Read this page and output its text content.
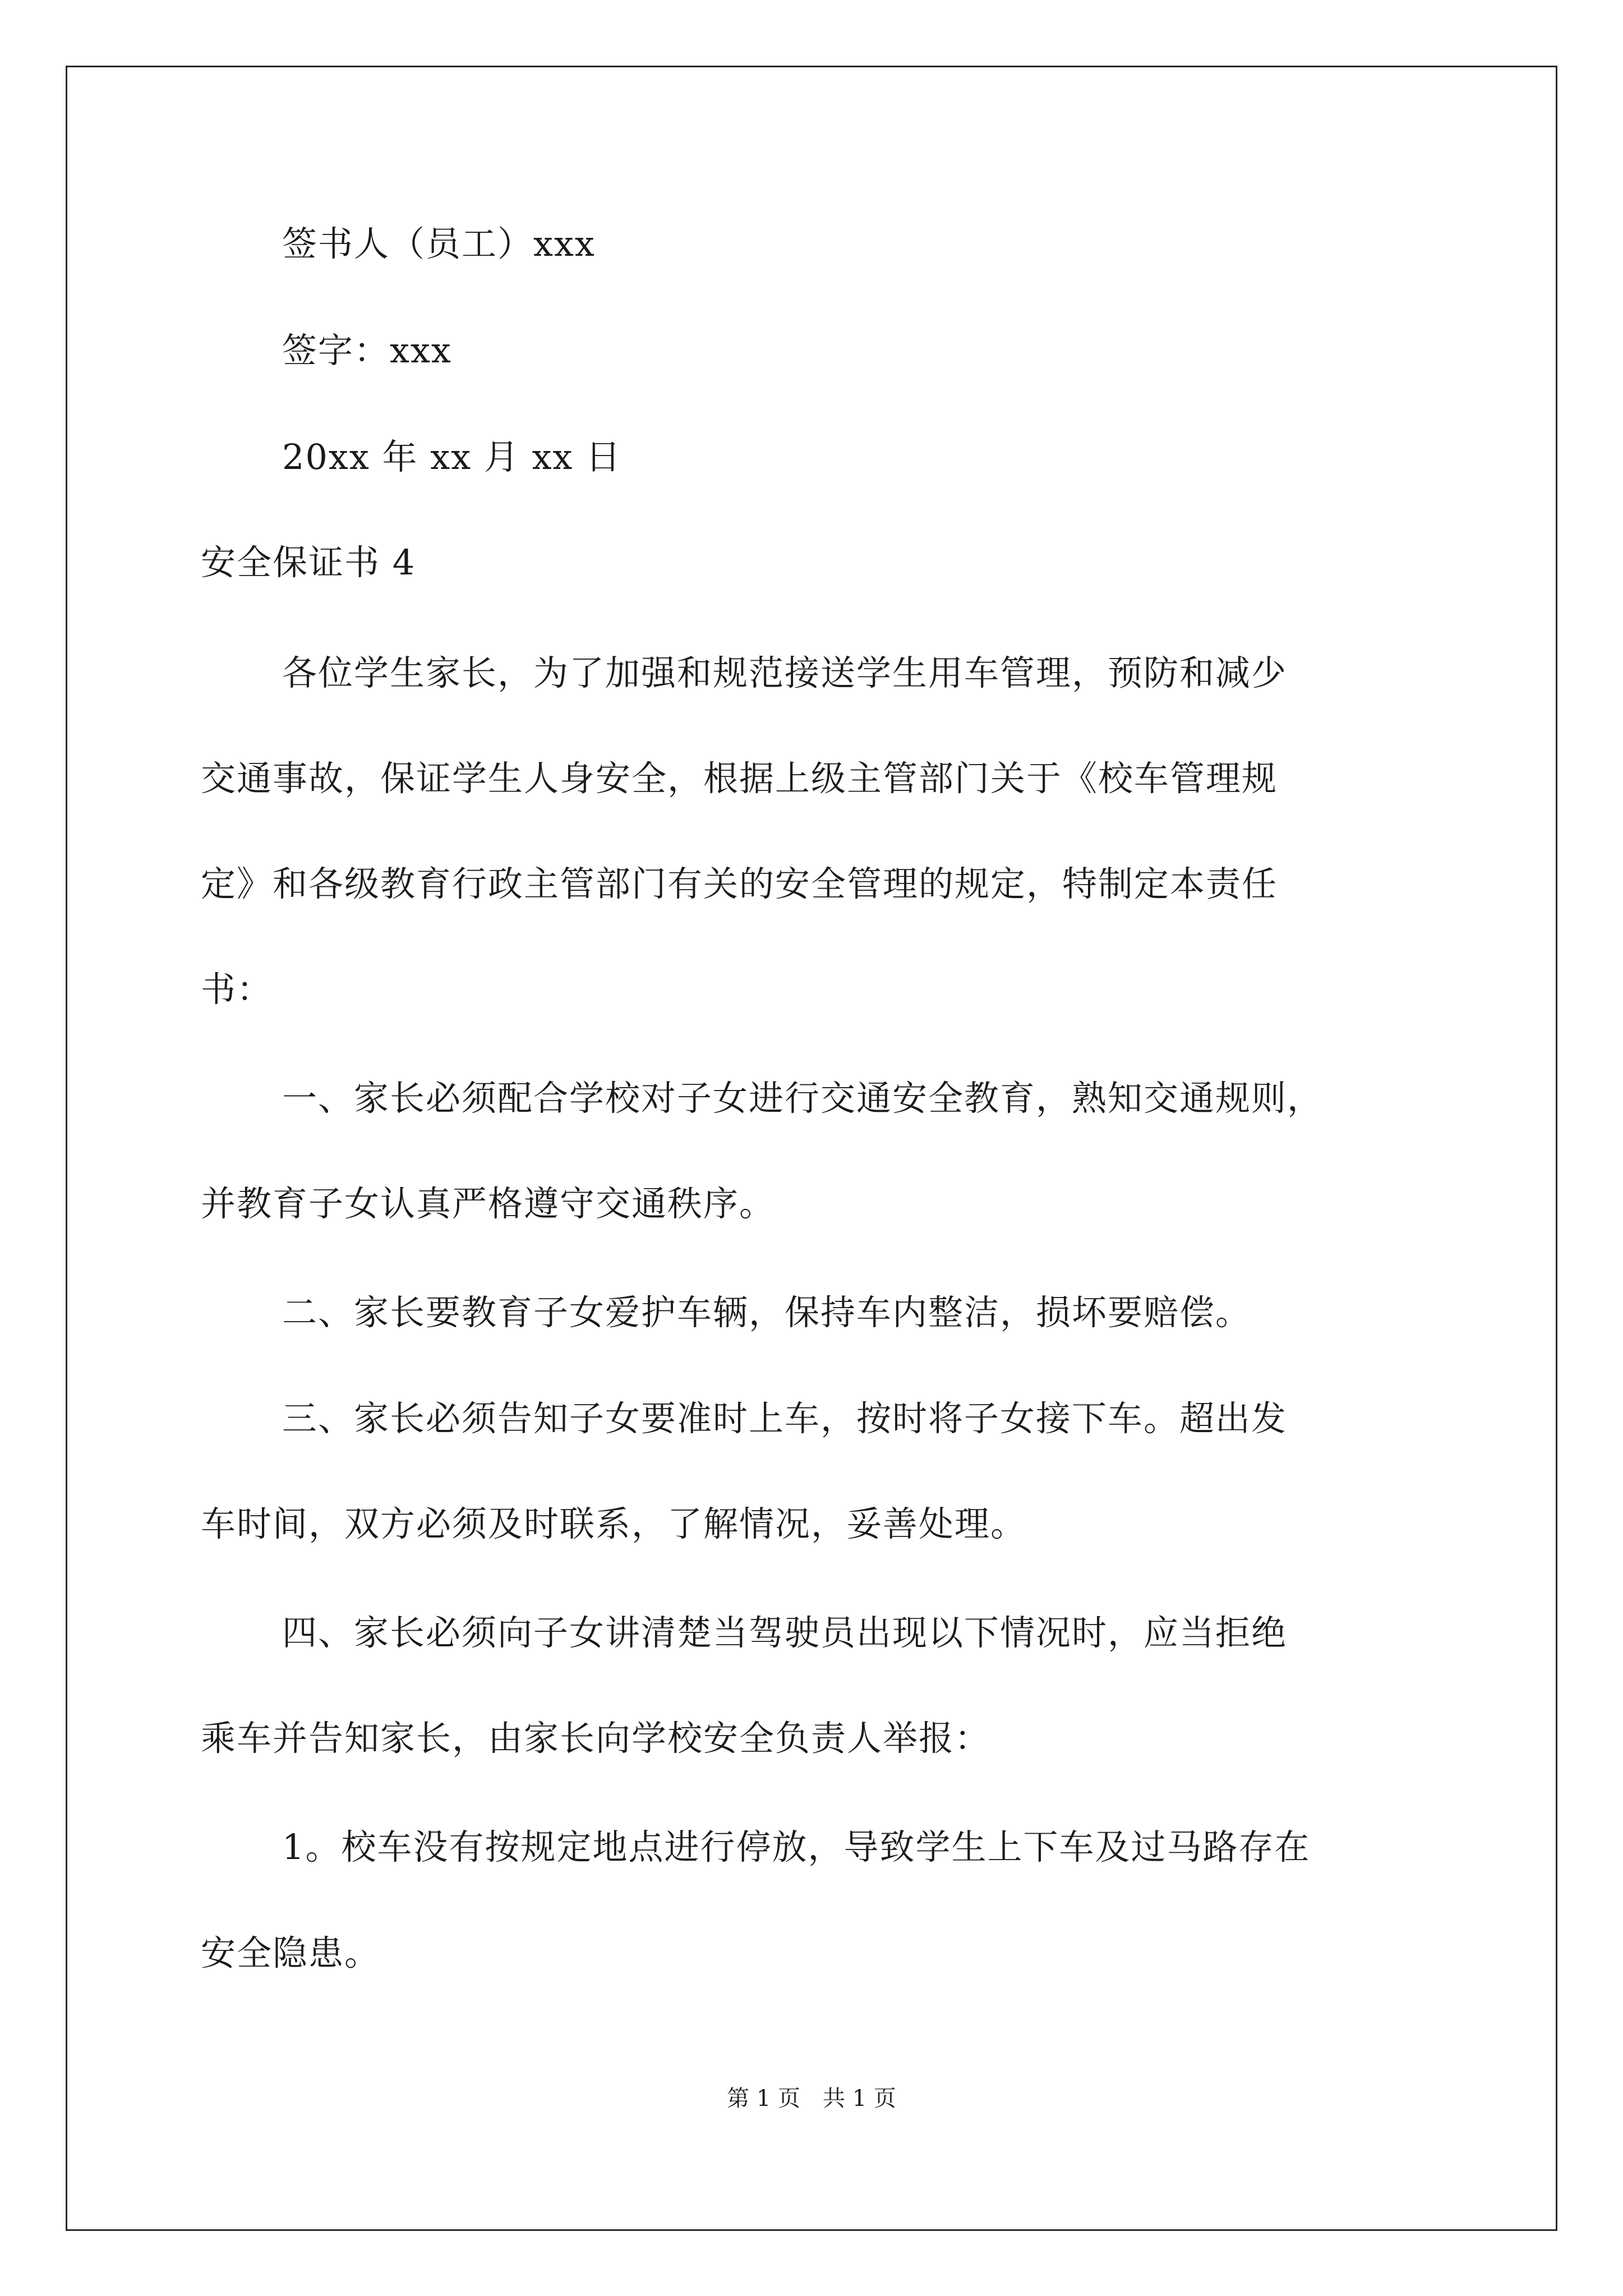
签书人（员工）xxx
签字：xxx
20xx 年 xx 月 xx 日
安全保证书 4
各位学生家长，为了加强和规范接送学生用车管理，预防和减少
交通事故，保证学生人身安全，根据上级主管部门关于《校车管理规
定》和各级教育行政主管部门有关的安全管理的规定，特制定本责任
书：
一、家长必须配合学校对子女进行交通安全教育，熟知交通规则，
并教育子女认真严格遵守交通秩序。
二、家长要教育子女爱护车辆，保持车内整洁，损坏要赔偿。
三、家长必须告知子女要准时上车，按时将子女接下车。超出发
车时间，双方必须及时联系，了解情况，妥善处理。
四、家长必须向子女讲清楚当驾驶员出现以下情况时，应当拒绝
乘车并告知家长，由家长向学校安全负责人举报：
1。校车没有按规定地点进行停放，导致学生上下车及过马路存在
安全隐患。
第 1 页　共 1 页
